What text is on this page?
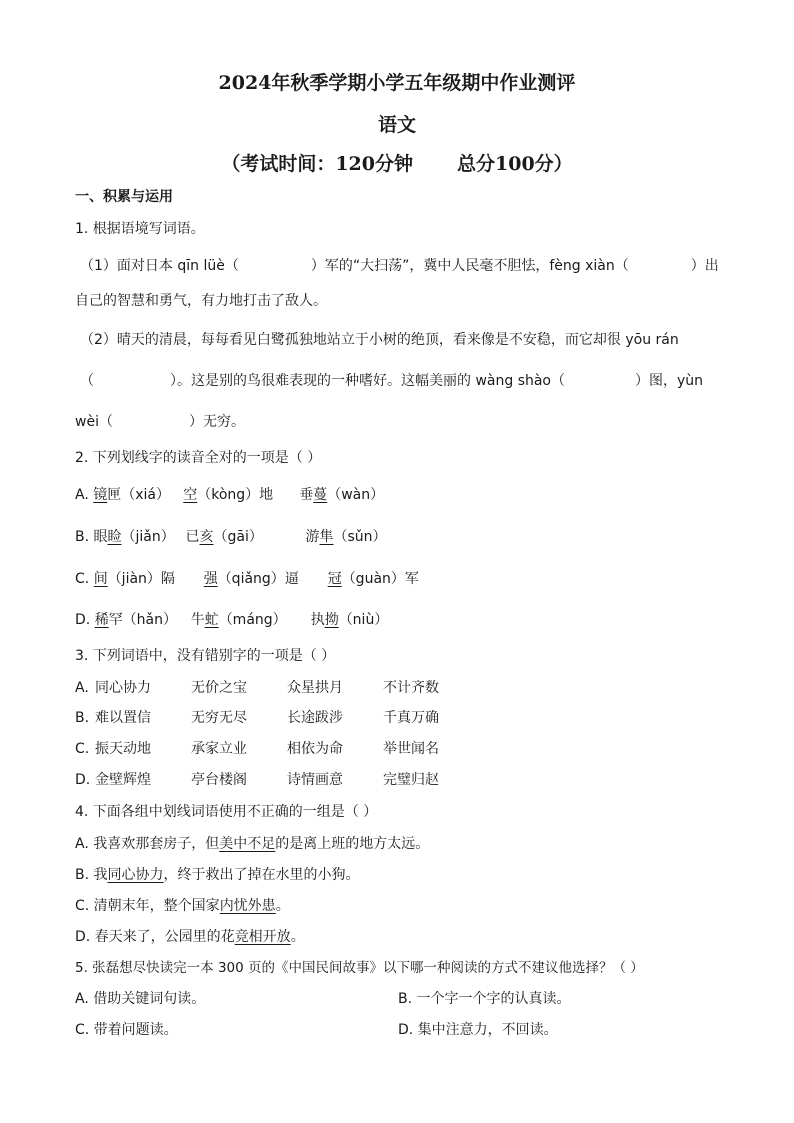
2024年秋季学期小学五年级期中作业测评
语文
（考试时间：120分钟 总分100分）
一、积累与运用
1. 根据语境写词语。
（1）面对日本 qīn lüè（	）军的“大扫荡”，冀中人民毫不胆怯，fèng xiàn（	）出
自己的智慧和勇气，有力地打击了敌人。
（2）晴天的清晨，每每看见白鹭孤独地站立于小树的绝顶，看来像是不安稳，而它却很 yōu rán
（	）。这是别的鸟很难表现的一种嗜好。这幅美丽的 wàng shào（	）图，yùn
wèi（	）无穷。
2. 下列划线字的读音全对的一项是（ ）
A. 镜匣（xiá） 空（kòng）地 垂蔓（wàn）
B. 眼睑（jiǎn） 已亥（gāi）	游隼（sǔn）
C. 间（jiàn）隔 强（qiǎng）逼 冠（guàn）军
D. 稀罕（hǎn） 牛虻（máng） 执拗（niù）
3. 下列词语中，没有错别字的一项是（ ）
A. 同心协力	无价之宝	众星拱月	不计齐数
B. 难以置信	无穷无尽	长途跋涉	千真万确
C. 振天动地	承家立业	相依为命	举世闻名
D. 金壁辉煌	亭台楼阁	诗情画意	完璧归赵
4. 下面各组中划线词语使用不正确的一组是（ ）
A. 我喜欢那套房子，但美中不足的是离上班的地方太远。
B. 我同心协力，终于救出了掉在水里的小狗。
C. 清朝末年，整个国家内忧外患。
D. 春天来了，公园里的花竞相开放。
5. 张磊想尽快读完一本 300 页的《中国民间故事》以下哪一种阅读的方式不建议他选择？（ ）
A. 借助关键词句读。	B. 一个字一个字的认真读。
C. 带着问题读。	D. 集中注意力，不回读。
